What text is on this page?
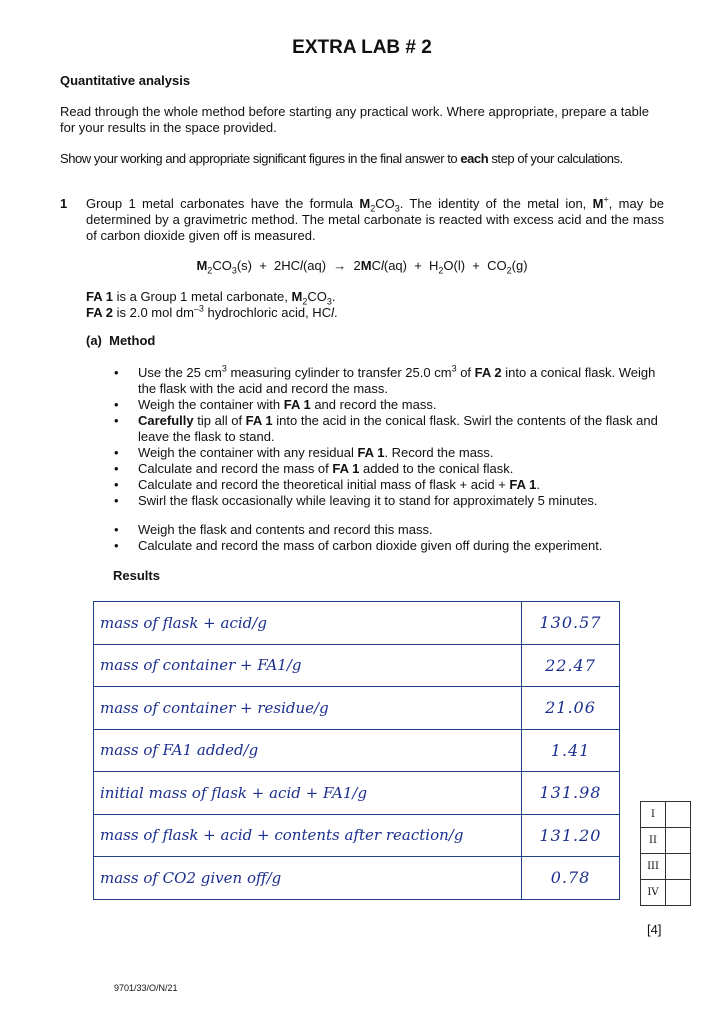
EXTRA LAB # 2
Quantitative analysis
Read through the whole method before starting any practical work. Where appropriate, prepare a table for your results in the space provided.
Show your working and appropriate significant figures in the final answer to each step of your calculations.
1 Group 1 metal carbonates have the formula $M_2CO_3$. The identity of the metal ion, M+, may be determined by a gravimetric method. The metal carbonate is reacted with excess acid and the mass of carbon dioxide given off is measured.
$M_2CO_3(s) + 2HCl(aq) \to 2MCl(aq) + H_2O(l) + CO_2(g)$
FA 1 is a Group 1 metal carbonate, $M_2CO_3$.
FA 2 is 2.0 mol $dm^{-3}$ hydrochloric acid, HCl.
(a) Method
• Use the 25 $cm^3$ measuring cylinder to transfer 25.0 $cm^3$ of FA 2 into a conical flask. Weigh the flask with the acid and record the mass.
• Weigh the container with FA 1 and record the mass.
• Carefully tip all of FA 1 into the acid in the conical flask. Swirl the contents of the flask and leave the flask to stand.
• Weigh the container with any residual FA 1. Record the mass.
• Calculate and record the mass of FA 1 added to the conical flask.
• Calculate and record the theoretical initial mass of flask + acid + FA 1.
• Swirl the flask occasionally while leaving it to stand for approximately 5 minutes.
• Weigh the flask and contents and record this mass.
• Calculate and record the mass of carbon dioxide given off during the experiment.
Results
mass of flask + acid/g	130.57
mass of container + FA1/g	22.47
mass of container + residue/g	21.06
mass of FA1 added/g	1.41
initial mass of flask + acid + FA1/g	131.98
mass of flask + acid + contents after reaction/g	131.20
mass of CO2 given off/g	0.78
I	
II	
III	
IV	
[4]
9701/33/O/N/21
